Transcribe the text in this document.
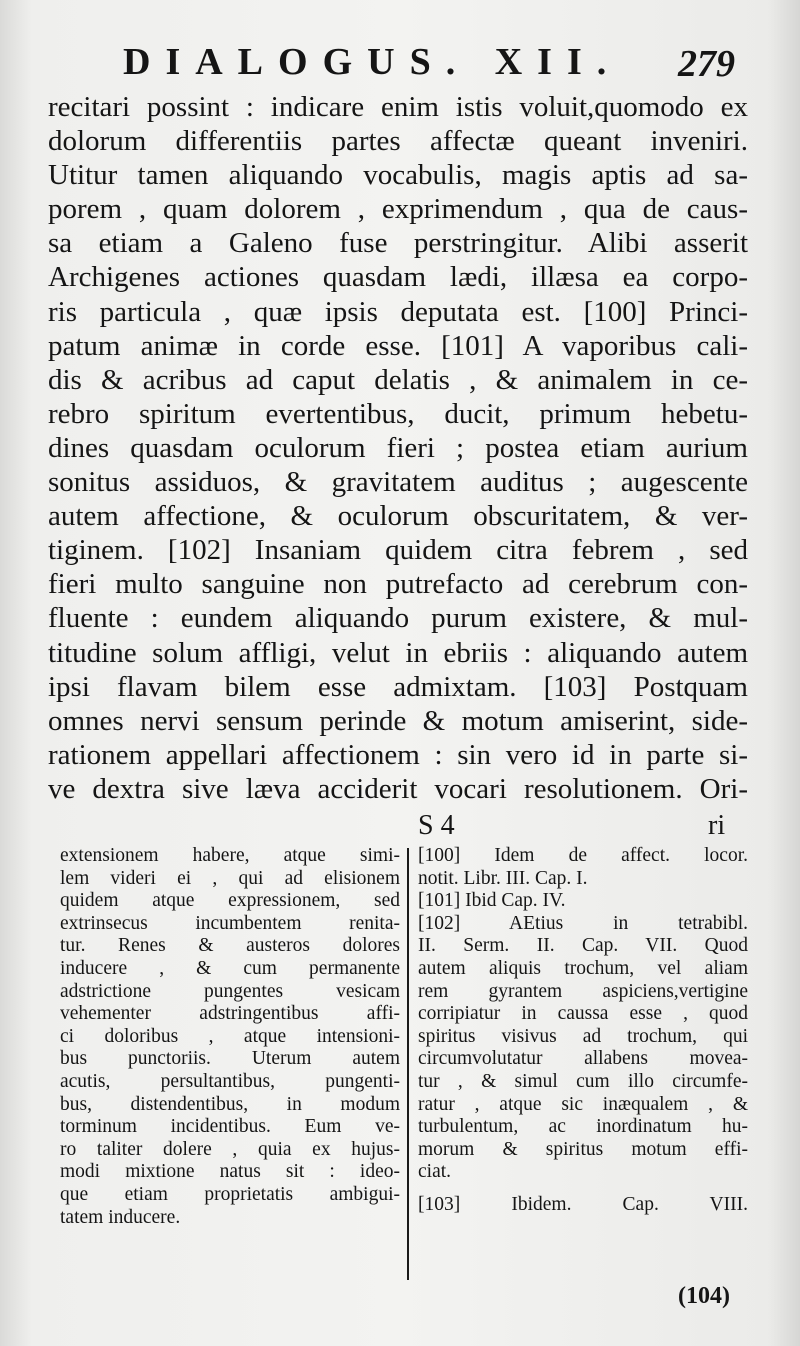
DIALOGUS. XII. 279
recitari possint : indicare enim istis voluit,quomodo ex
dolorum differentiis partes affectæ queant inveniri.
Utitur tamen aliquando vocabulis, magis aptis ad sa-
porem , quam dolorem , exprimendum , qua de caus-
sa etiam a Galeno fuse perstringitur. Alibi asserit
Archigenes actiones quasdam lædi, illæsa ea corpo-
ris particula , quæ ipsis deputata est. [100] Princi-
patum animæ in corde esse. [101] A vaporibus cali-
dis & acribus ad caput delatis , & animalem in ce-
rebro spiritum evertentibus, ducit, primum hebetu-
dines quasdam oculorum fieri ; postea etiam aurium
sonitus assiduos, & gravitatem auditus ; augescente
autem affectione, & oculorum obscuritatem, & ver-
tiginem. [102] Insaniam quidem citra febrem , sed
fieri multo sanguine non putrefacto ad cerebrum con-
fluente : eundem aliquando purum existere, & mul-
titudine solum affligi, velut in ebriis : aliquando autem
ipsi flavam bilem esse admixtam. [103] Postquam
omnes nervi sensum perinde & motum amiserint, side-
rationem appellari affectionem : sin vero id in parte si-
ve dextra sive læva acciderit vocari resolutionem. Ori-
S 4	ri
extensionem habere, atque simi-
lem videri ei , qui ad elisionem
quidem atque expressionem, sed
extrinsecus incumbentem renita-
tur. Renes & austeros dolores
inducere , & cum permanente
adstrictione pungentes vesicam
vehementer adstringentibus affi-
ci doloribus , atque intensioni-
bus punctoriis. Uterum autem
acutis, persultantibus, pungenti-
bus, distendentibus, in modum
torminum incidentibus. Eum ve-
ro taliter dolere , quia ex hujus-
modi mixtione natus sit : ideo-
que etiam proprietatis ambigui-
tatem inducere.
[100] Idem de affect. locor.
notit. Libr. III. Cap. I.
[101] Ibid Cap. IV.
[102] AEtius in tetrabibl.
II. Serm. II. Cap. VII. Quod
autem aliquis trochum, vel aliam
rem gyrantem aspiciens,vertigine
corripiatur in caussa esse , quod
spiritus visivus ad trochum, qui
circumvolutatur allabens movea-
tur , & simul cum illo circumfe-
ratur , atque sic inæqualem , &
turbulentum, ac inordinatum hu-
morum & spiritus motum effi-
ciat.
[103] Ibidem. Cap. VIII.
(104)
